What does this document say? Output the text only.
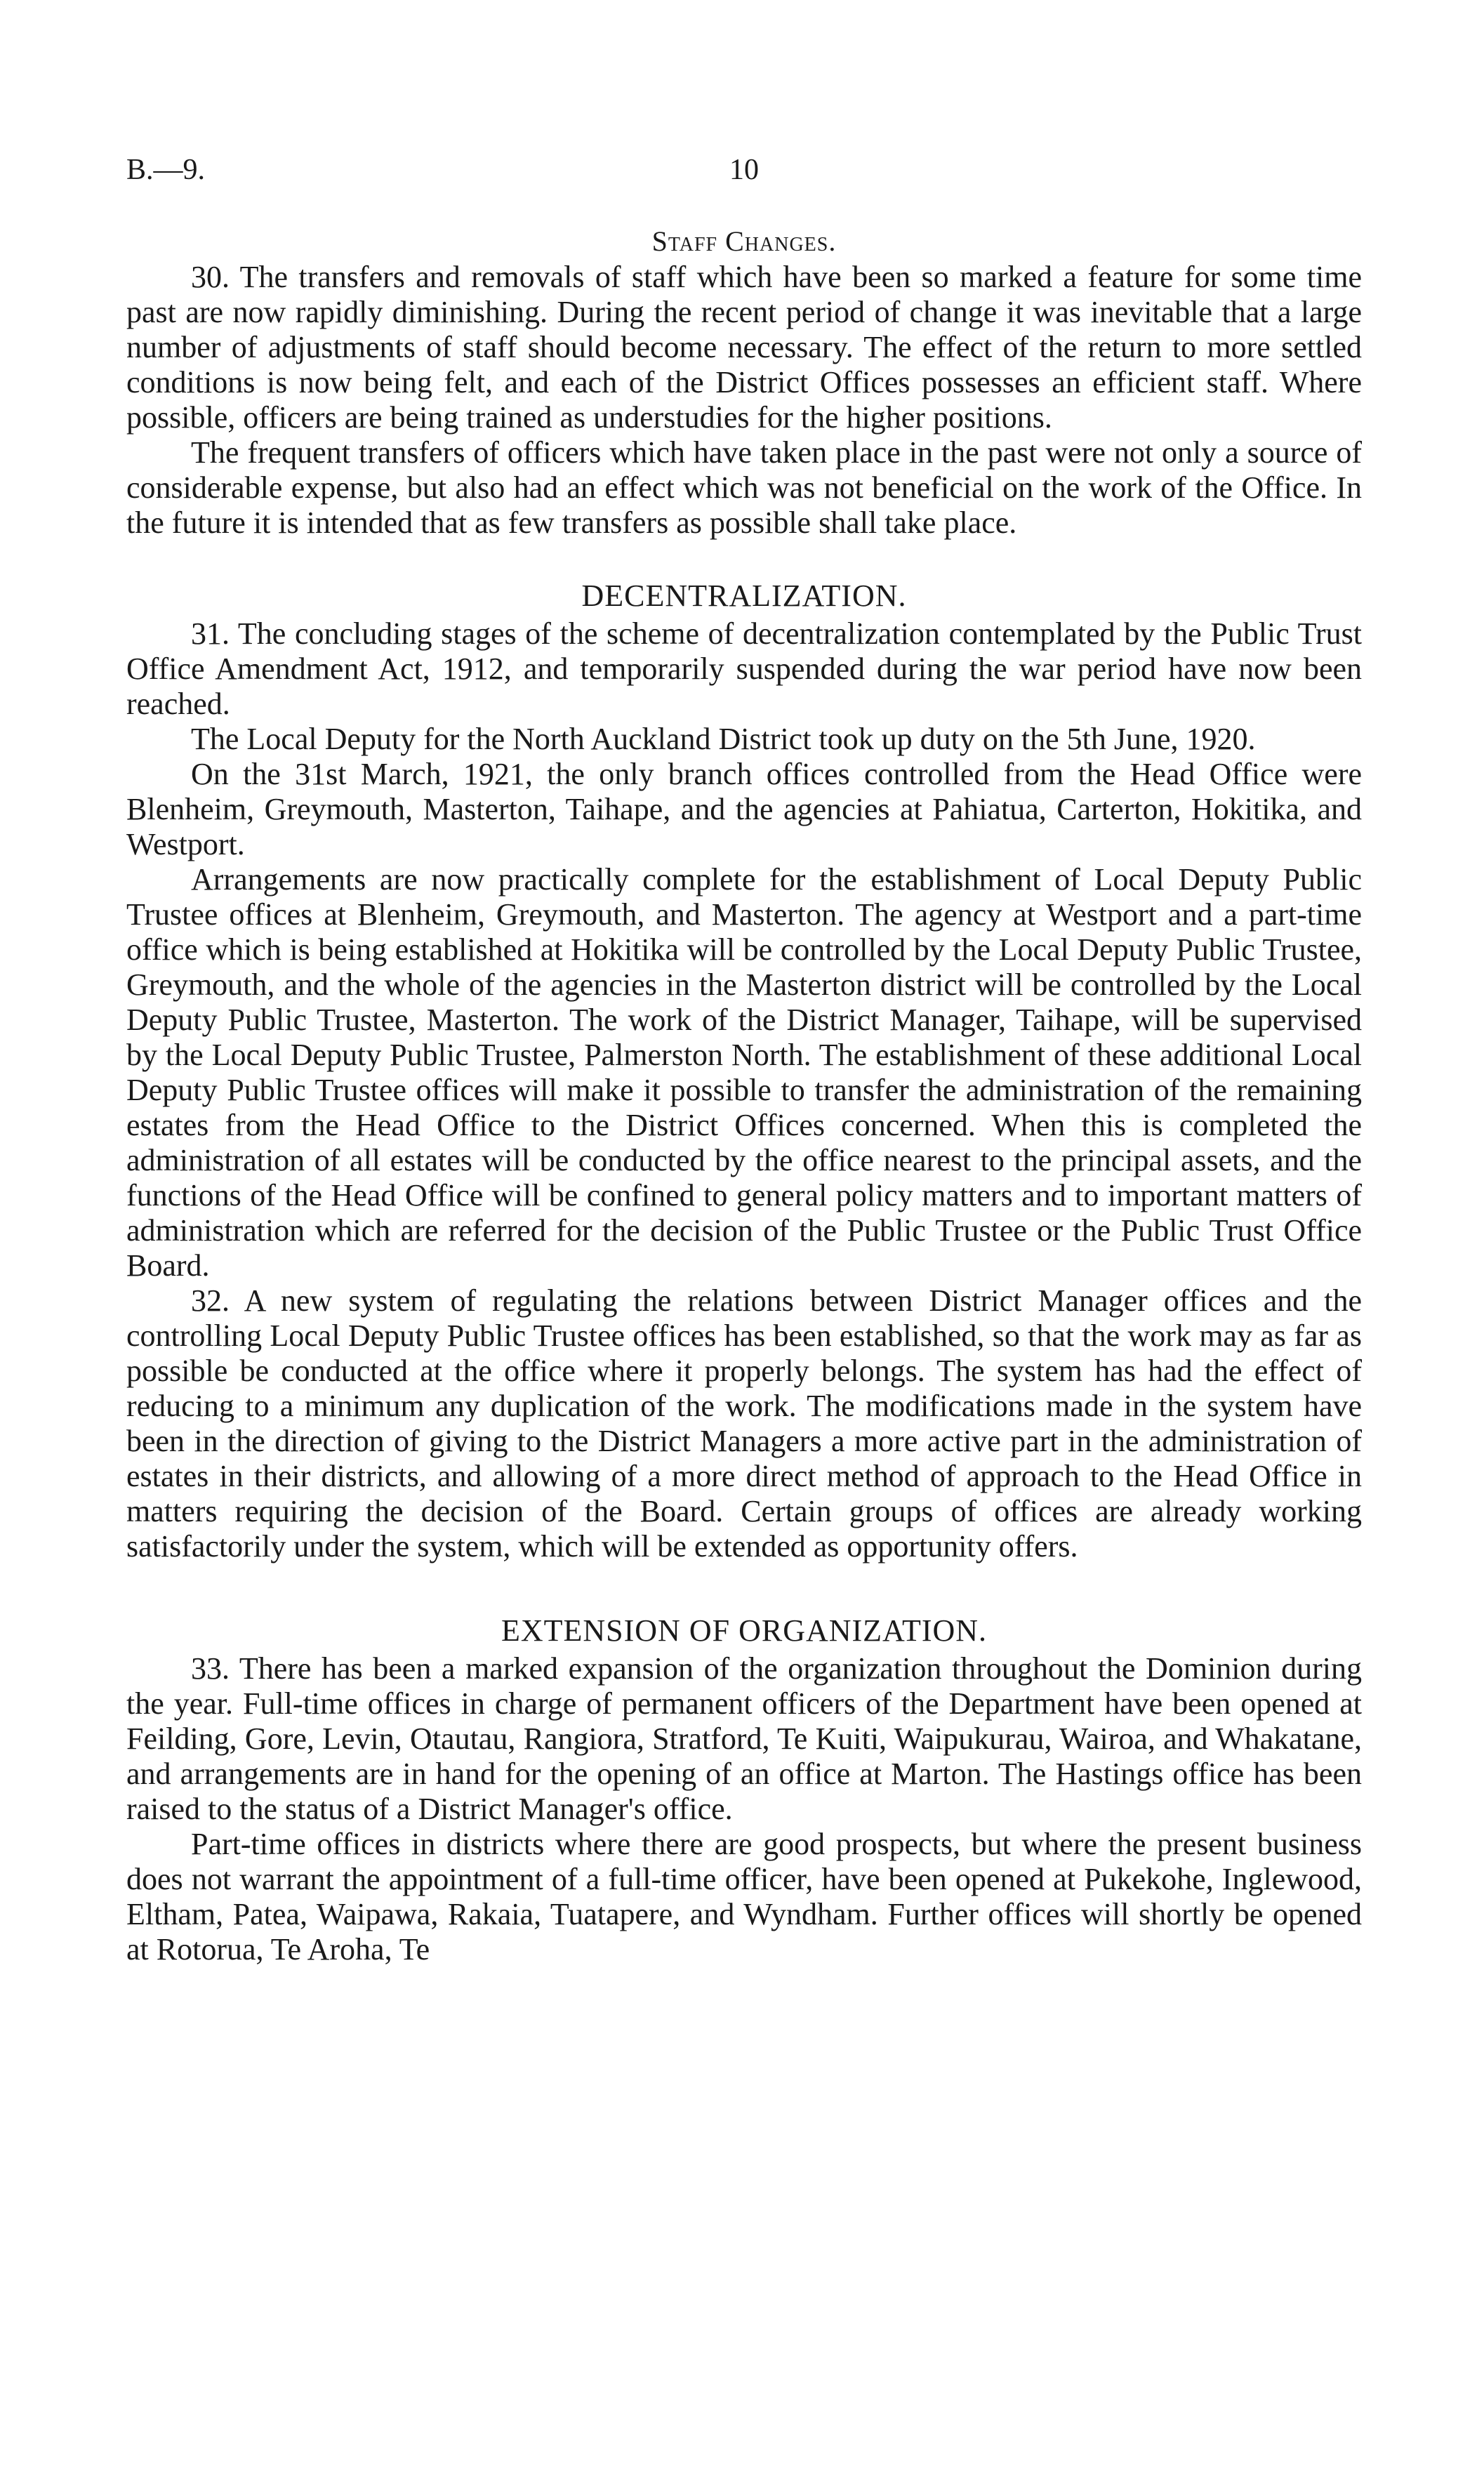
B.—9.	10
Staff Changes.

30. The transfers and removals of staff which have been so marked a feature for some time past are now rapidly diminishing. During the recent period of change it was inevitable that a large number of adjustments of staff should become necessary. The effect of the return to more settled conditions is now being felt, and each of the District Offices possesses an efficient staff. Where possible, officers are being trained as understudies for the higher positions.

The frequent transfers of officers which have taken place in the past were not only a source of considerable expense, but also had an effect which was not beneficial on the work of the Office. In the future it is intended that as few transfers as possible shall take place.

DECENTRALIZATION.

31. The concluding stages of the scheme of decentralization contemplated by the Public Trust Office Amendment Act, 1912, and temporarily suspended during the war period have now been reached.

The Local Deputy for the North Auckland District took up duty on the 5th June, 1920.

On the 31st March, 1921, the only branch offices controlled from the Head Office were Blenheim, Greymouth, Masterton, Taihape, and the agencies at Pahiatua, Carterton, Hokitika, and Westport.

Arrangements are now practically complete for the establishment of Local Deputy Public Trustee offices at Blenheim, Greymouth, and Masterton. The agency at Westport and a part-time office which is being established at Hokitika will be controlled by the Local Deputy Public Trustee, Greymouth, and the whole of the agencies in the Masterton district will be controlled by the Local Deputy Public Trustee, Masterton. The work of the District Manager, Taihape, will be supervised by the Local Deputy Public Trustee, Palmerston North. The establishment of these additional Local Deputy Public Trustee offices will make it possible to transfer the administration of the remaining estates from the Head Office to the District Offices concerned. When this is completed the administration of all estates will be conducted by the office nearest to the principal assets, and the functions of the Head Office will be confined to general policy matters and to important matters of administration which are referred for the decision of the Public Trustee or the Public Trust Office Board.

32. A new system of regulating the relations between District Manager offices and the controlling Local Deputy Public Trustee offices has been established, so that the work may as far as possible be conducted at the office where it properly belongs. The system has had the effect of reducing to a minimum any duplication of the work. The modifications made in the system have been in the direction of giving to the District Managers a more active part in the administration of estates in their districts, and allowing of a more direct method of approach to the Head Office in matters requiring the decision of the Board. Certain groups of offices are already working satisfactorily under the system, which will be extended as opportunity offers.

EXTENSION OF ORGANIZATION.

33. There has been a marked expansion of the organization throughout the Dominion during the year. Full-time offices in charge of permanent officers of the Department have been opened at Feilding, Gore, Levin, Otautau, Rangiora, Stratford, Te Kuiti, Waipukurau, Wairoa, and Whakatane, and arrangements are in hand for the opening of an office at Marton. The Hastings office has been raised to the status of a District Manager's office.

Part-time offices in districts where there are good prospects, but where the present business does not warrant the appointment of a full-time officer, have been opened at Pukekohe, Inglewood, Eltham, Patea, Waipawa, Rakaia, Tuatapere, and Wyndham. Further offices will shortly be opened at Rotorua, Te Aroha, Te
